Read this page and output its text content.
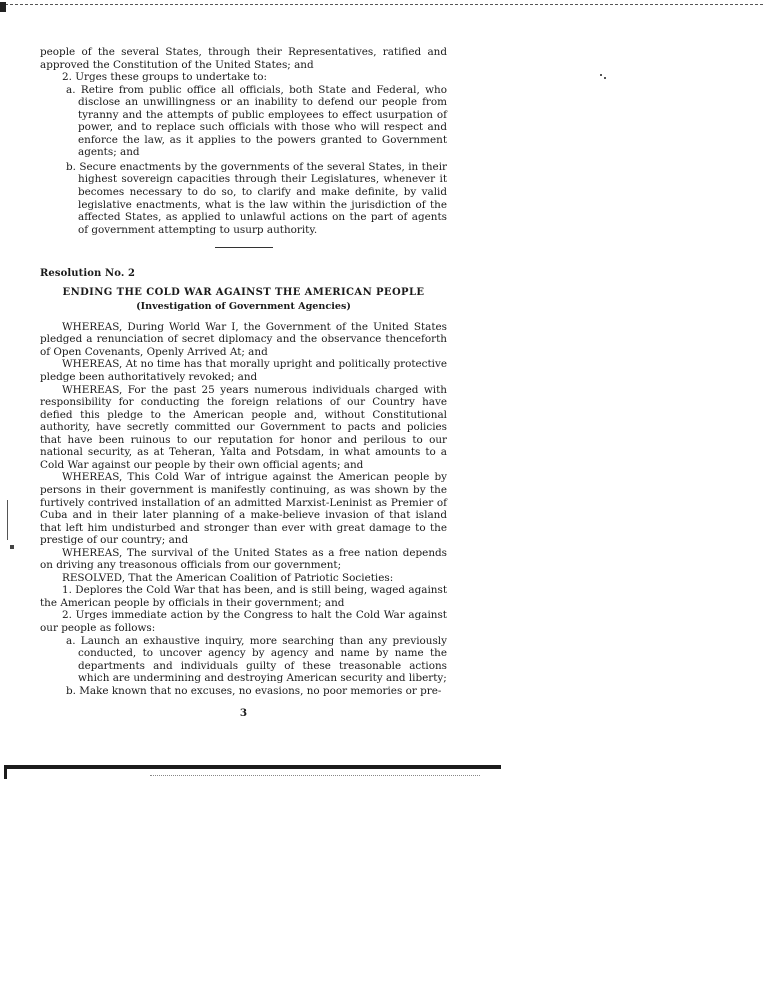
people of the several States, through their Representatives, ratified and approved the Constitution of the United States; and

2. Urges these groups to undertake to:

a. Retire from public office all officials, both State and Federal, who disclose an unwillingness or an inability to defend our people from tyranny and the attempts of public employees to effect usurpation of power, and to replace such officials with those who will respect and enforce the law, as it applies to the powers granted to Government agents; and

b. Secure enactments by the governments of the several States, in their highest sovereign capacities through their Legislatures, whenever it becomes necessary to do so, to clarify and make definite, by valid legislative enactments, what is the law within the jurisdiction of the affected States, as applied to unlawful actions on the part of agents of government attempting to usurp authority.

Resolution No. 2

ENDING THE COLD WAR AGAINST THE AMERICAN PEOPLE

(Investigation of Government Agencies)

WHEREAS, During World War I, the Government of the United States pledged a renunciation of secret diplomacy and the observance thenceforth of Open Covenants, Openly Arrived At; and

WHEREAS, At no time has that morally upright and politically protective pledge been authoritatively revoked; and

WHEREAS, For the past 25 years numerous individuals charged with responsibility for conducting the foreign relations of our Country have defied this pledge to the American people and, without Constitutional authority, have secretly committed our Government to pacts and policies that have been ruinous to our reputation for honor and perilous to our national security, as at Teheran, Yalta and Potsdam, in what amounts to a Cold War against our people by their own official agents; and

WHEREAS, This Cold War of intrigue against the American people by persons in their government is manifestly continuing, as was shown by the furtively contrived installation of an admitted Marxist-Leninist as Premier of Cuba and in their later planning of a make-believe invasion of that island that left him undisturbed and stronger than ever with great damage to the prestige of our country; and

WHEREAS, The survival of the United States as a free nation depends on driving any treasonous officials from our government;

RESOLVED, That the American Coalition of Patriotic Societies:

1. Deplores the Cold War that has been, and is still being, waged against the American people by officials in their government; and

2. Urges immediate action by the Congress to halt the Cold War against our people as follows:

a. Launch an exhaustive inquiry, more searching than any previously conducted, to uncover agency by agency and name by name the departments and individuals guilty of these treasonable actions which are undermining and destroying American security and liberty;

b. Make known that no excuses, no evasions, no poor memories or pre-

3
